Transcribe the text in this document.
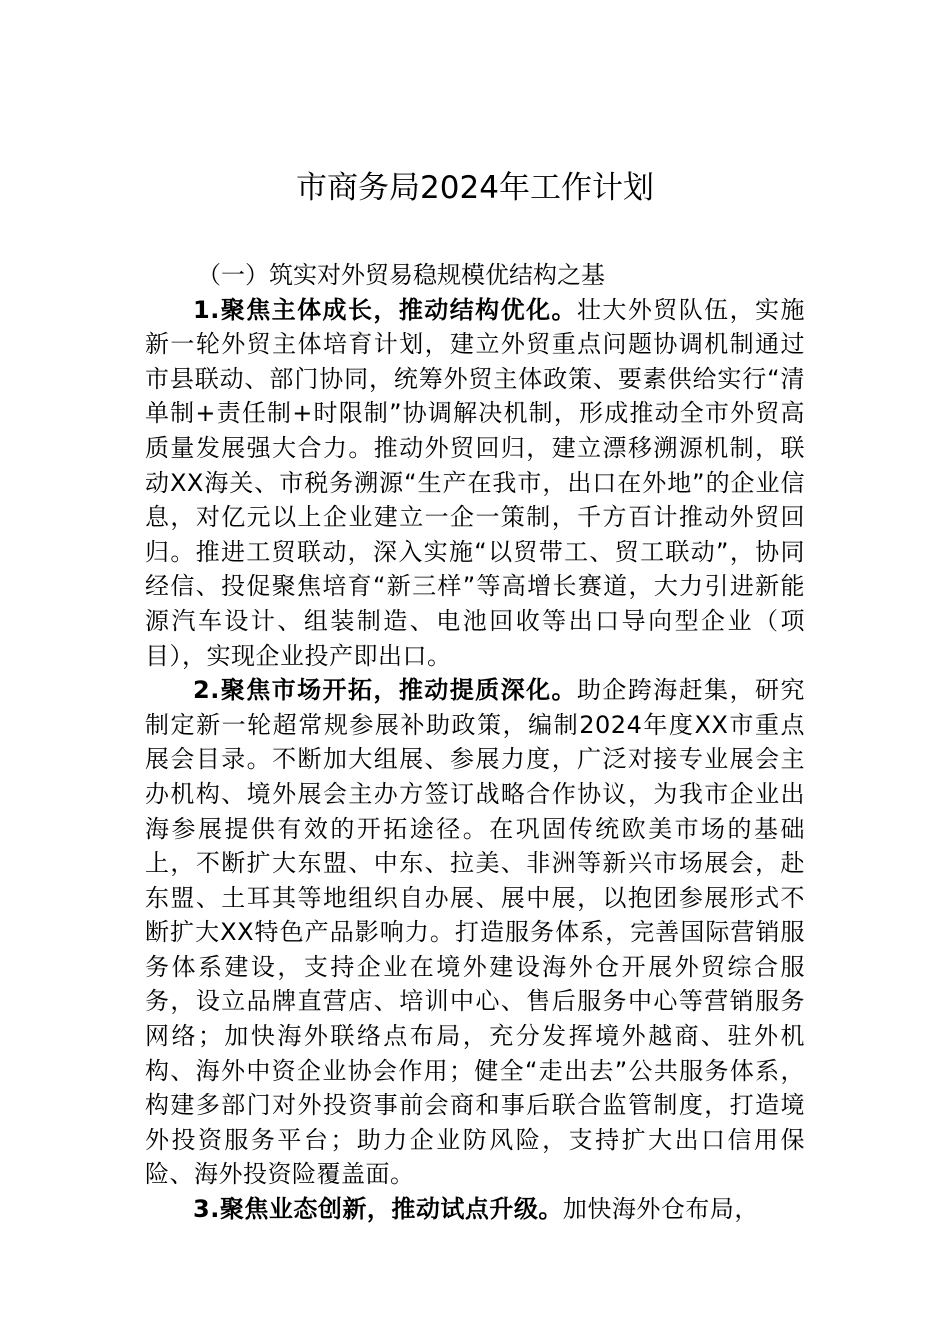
市商务局2024年工作计划

（一）筑实对外贸易稳规模优结构之基

1.聚焦主体成长，推动结构优化。壮大外贸队伍，实施新一轮外贸主体培育计划，建立外贸重点问题协调机制通过市县联动、部门协同，统筹外贸主体政策、要素供给实行“清单制+责任制+时限制”协调解决机制，形成推动全市外贸高质量发展强大合力。推动外贸回归，建立漂移溯源机制，联动XX海关、市税务溯源“生产在我市，出口在外地”的企业信息，对亿元以上企业建立一企一策制，千方百计推动外贸回归。推进工贸联动，深入实施“以贸带工、贸工联动”，协同经信、投促聚焦培育“新三样”等高增长赛道，大力引进新能源汽车设计、组装制造、电池回收等出口导向型企业（项目），实现企业投产即出口。

2.聚焦市场开拓，推动提质深化。助企跨海赶集，研究制定新一轮超常规参展补助政策，编制2024年度XX市重点展会目录。不断加大组展、参展力度，广泛对接专业展会主办机构、境外展会主办方签订战略合作协议，为我市企业出海参展提供有效的开拓途径。在巩固传统欧美市场的基础上，不断扩大东盟、中东、拉美、非洲等新兴市场展会，赴东盟、土耳其等地组织自办展、展中展，以抱团参展形式不断扩大XX特色产品影响力。打造服务体系，完善国际营销服务体系建设，支持企业在境外建设海外仓开展外贸综合服务，设立品牌直营店、培训中心、售后服务中心等营销服务网络；加快海外联络点布局，充分发挥境外越商、驻外机构、海外中资企业协会作用；健全“走出去”公共服务体系，构建多部门对外投资事前会商和事后联合监管制度，打造境外投资服务平台；助力企业防风险，支持扩大出口信用保险、海外投资险覆盖面。

3.聚焦业态创新，推动试点升级。加快海外仓布局，
